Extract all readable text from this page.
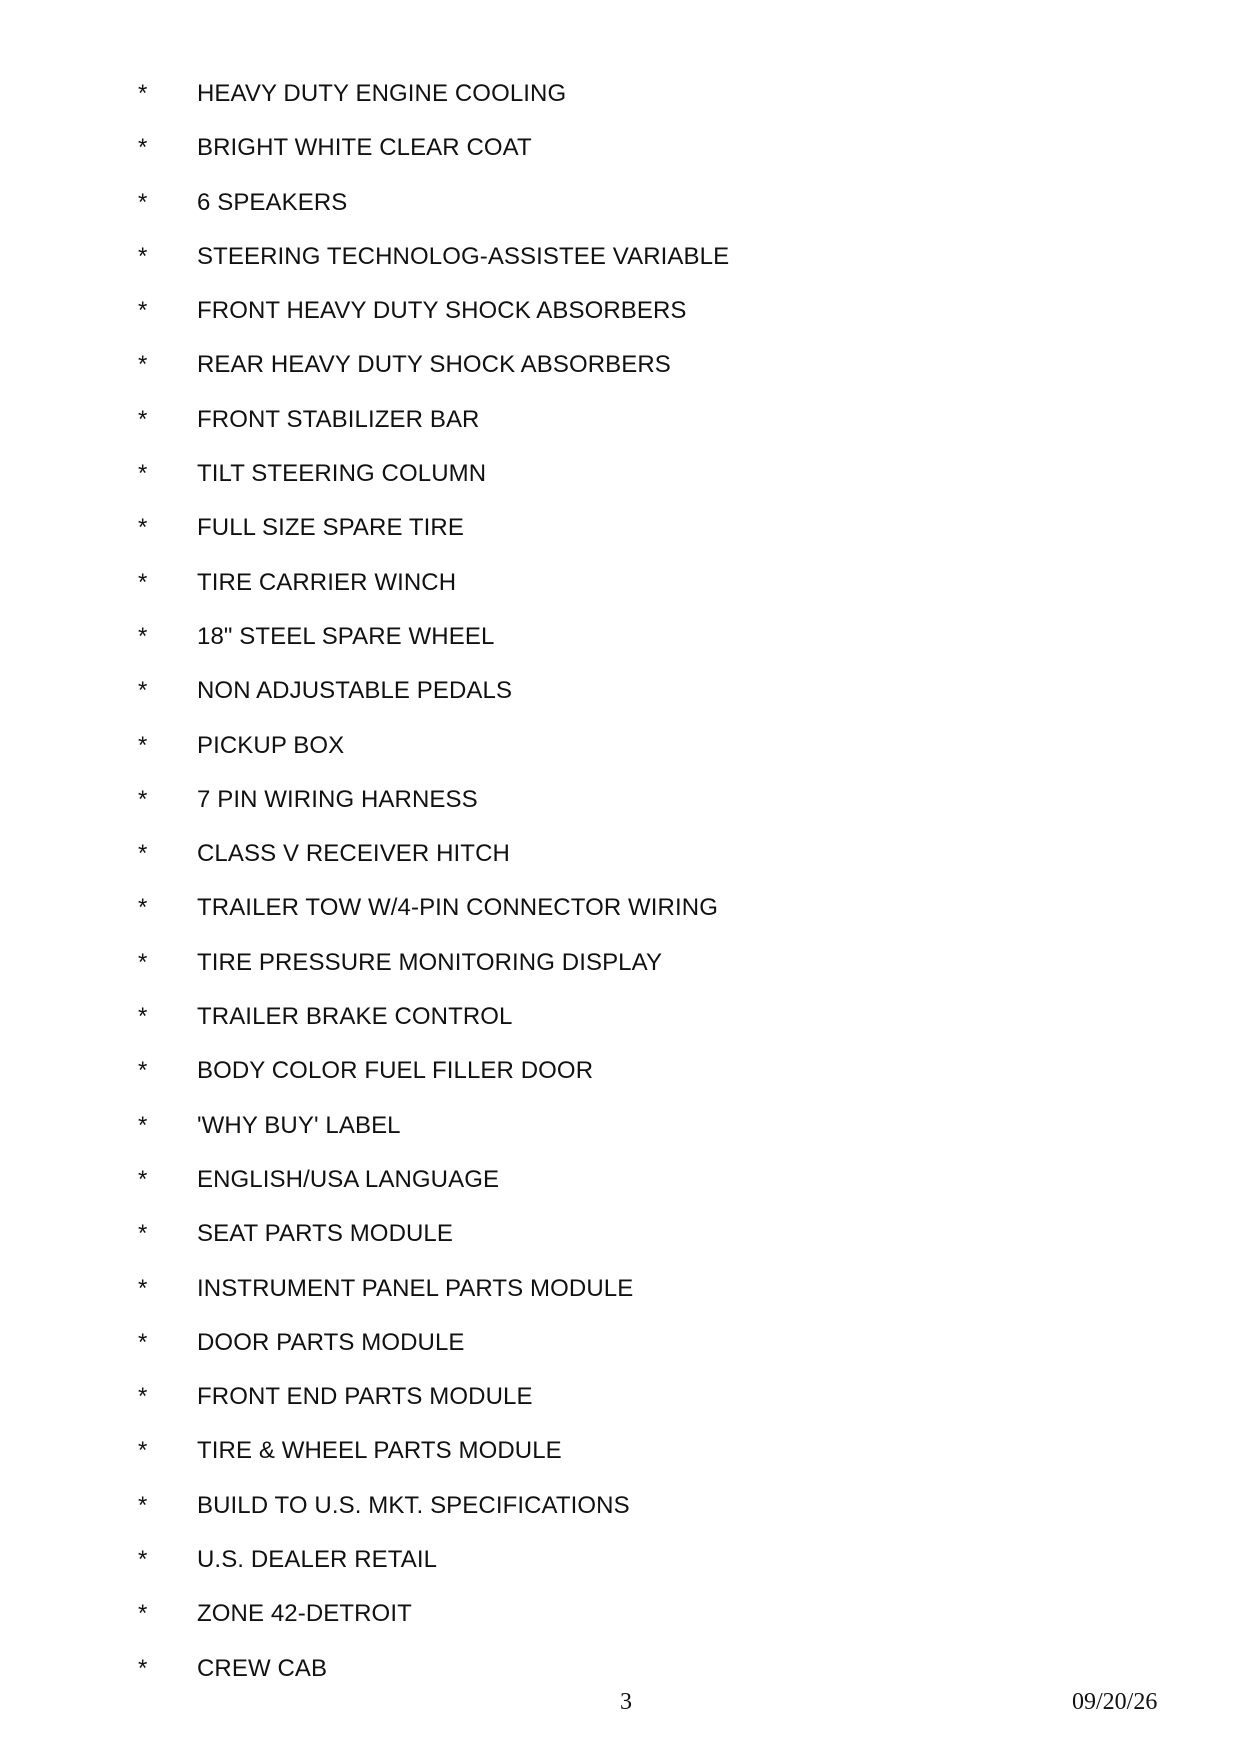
* HEAVY DUTY ENGINE COOLING
* BRIGHT WHITE CLEAR COAT
* 6 SPEAKERS
* STEERING TECHNOLOG-ASSISTEE VARIABLE
* FRONT HEAVY DUTY SHOCK ABSORBERS
* REAR HEAVY DUTY SHOCK ABSORBERS
* FRONT STABILIZER BAR
* TILT STEERING COLUMN
* FULL SIZE SPARE TIRE
* TIRE CARRIER WINCH
* 18" STEEL SPARE WHEEL
* NON ADJUSTABLE PEDALS
* PICKUP BOX
* 7 PIN WIRING HARNESS
* CLASS V RECEIVER HITCH
* TRAILER TOW W/4-PIN CONNECTOR WIRING
* TIRE PRESSURE MONITORING DISPLAY
* TRAILER BRAKE CONTROL
* BODY COLOR FUEL FILLER DOOR
* 'WHY BUY' LABEL
* ENGLISH/USA LANGUAGE
* SEAT PARTS MODULE
* INSTRUMENT PANEL PARTS MODULE
* DOOR PARTS MODULE
* FRONT END PARTS MODULE
* TIRE & WHEEL PARTS MODULE
* BUILD TO U.S. MKT. SPECIFICATIONS
* U.S. DEALER RETAIL
* ZONE 42-DETROIT
* CREW CAB
3	09/20/26
